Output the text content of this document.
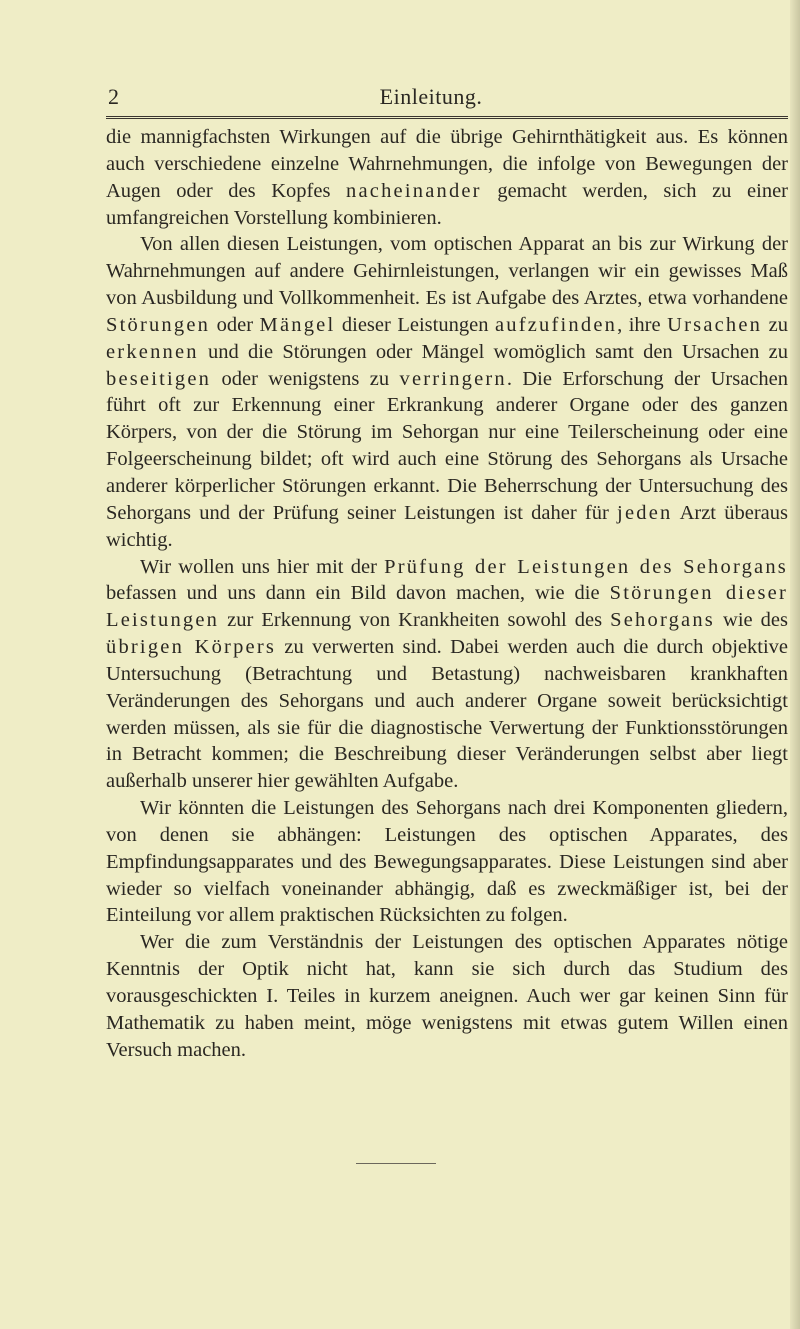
2	Einleitung.

die mannigfachsten Wirkungen auf die übrige Gehirnthätigkeit aus. Es können auch verschiedene einzelne Wahrnehmungen, die infolge von Bewegungen der Augen oder des Kopfes nacheinander gemacht werden, sich zu einer umfangreichen Vorstellung kombinieren.

Von allen diesen Leistungen, vom optischen Apparat an bis zur Wirkung der Wahrnehmungen auf andere Gehirnleistungen, verlangen wir ein gewisses Maß von Ausbildung und Vollkommenheit. Es ist Aufgabe des Arztes, etwa vorhandene Störungen oder Mängel dieser Leistungen aufzufinden, ihre Ursachen zu erkennen und die Störungen oder Mängel womöglich samt den Ursachen zu beseitigen oder wenigstens zu verringern. Die Erforschung der Ursachen führt oft zur Erkennung einer Erkrankung anderer Organe oder des ganzen Körpers, von der die Störung im Sehorgan nur eine Teilerscheinung oder eine Folgeerscheinung bildet; oft wird auch eine Störung des Sehorgans als Ursache anderer körperlicher Störungen erkannt. Die Beherrschung der Untersuchung des Sehorgans und der Prüfung seiner Leistungen ist daher für jeden Arzt überaus wichtig.

Wir wollen uns hier mit der Prüfung der Leistungen des Sehorgans befassen und uns dann ein Bild davon machen, wie die Störungen dieser Leistungen zur Erkennung von Krankheiten sowohl des Sehorgans wie des übrigen Körpers zu verwerten sind. Dabei werden auch die durch objektive Untersuchung (Betrachtung und Betastung) nachweisbaren krankhaften Veränderungen des Sehorgans und auch anderer Organe soweit berücksichtigt werden müssen, als sie für die diagnostische Verwertung der Funktionsstörungen in Betracht kommen; die Beschreibung dieser Veränderungen selbst aber liegt außerhalb unserer hier gewählten Aufgabe.

Wir könnten die Leistungen des Sehorgans nach drei Komponenten gliedern, von denen sie abhängen: Leistungen des optischen Apparates, des Empfindungsapparates und des Bewegungsapparates. Diese Leistungen sind aber wieder so vielfach voneinander abhängig, daß es zweckmäßiger ist, bei der Einteilung vor allem praktischen Rücksichten zu folgen.

Wer die zum Verständnis der Leistungen des optischen Apparates nötige Kenntnis der Optik nicht hat, kann sie sich durch das Studium des vorausgeschickten I. Teiles in kurzem aneignen. Auch wer gar keinen Sinn für Mathematik zu haben meint, möge wenigstens mit etwas gutem Willen einen Versuch machen.
